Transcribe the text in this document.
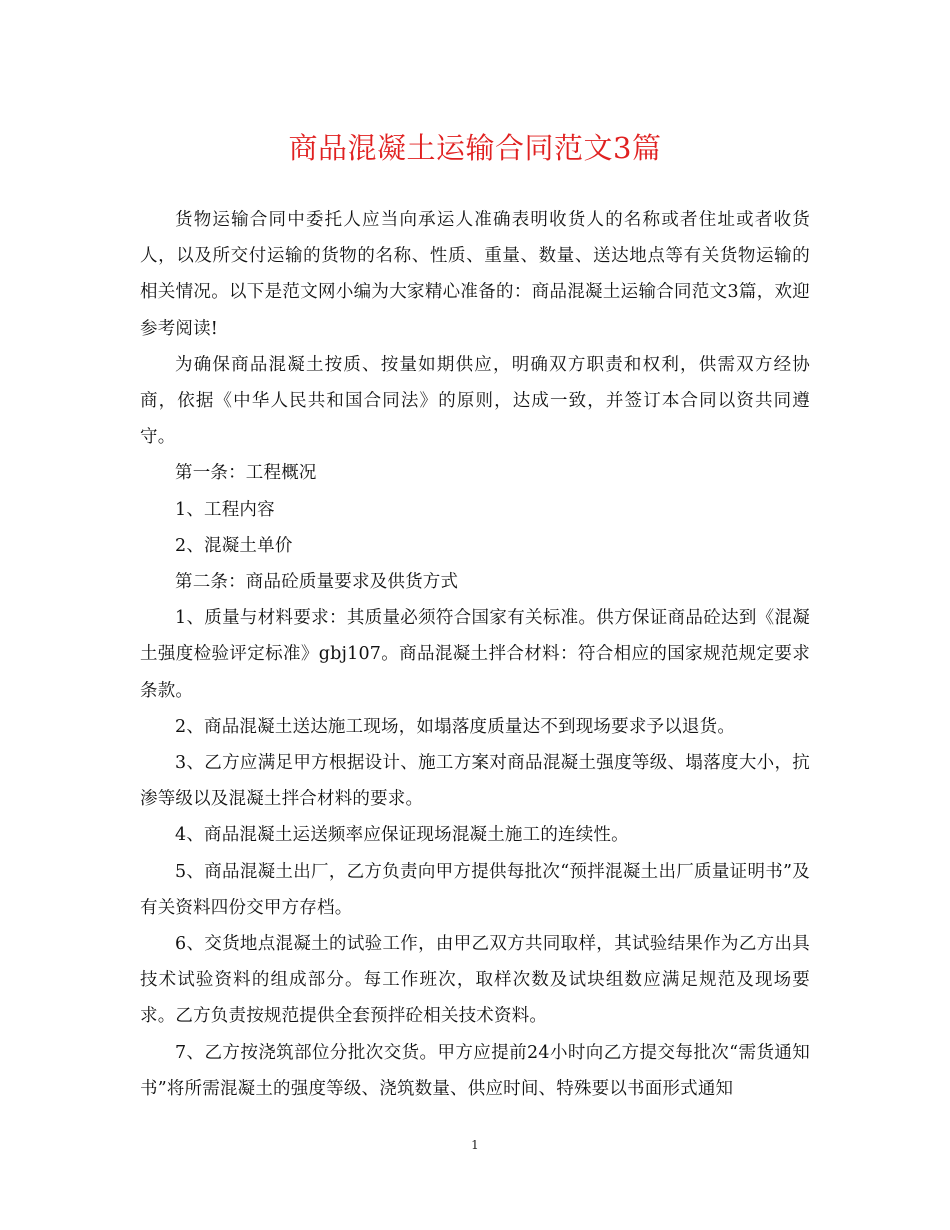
商品混凝土运输合同范文3篇

货物运输合同中委托人应当向承运人准确表明收货人的名称或者住址或者收货人，以及所交付运输的货物的名称、性质、重量、数量、送达地点等有关货物运输的相关情况。以下是范文网小编为大家精心准备的：商品混凝土运输合同范文3篇，欢迎参考阅读!

为确保商品混凝土按质、按量如期供应，明确双方职责和权利，供需双方经协商，依据《中华人民共和国合同法》的原则，达成一致，并签订本合同以资共同遵守。

第一条：工程概况

1、工程内容

2、混凝土单价

第二条：商品砼质量要求及供货方式

1、质量与材料要求：其质量必须符合国家有关标准。供方保证商品砼达到《混凝土强度检验评定标准》gbj107。商品混凝土拌合材料：符合相应的国家规范规定要求条款。

2、商品混凝土送达施工现场，如塌落度质量达不到现场要求予以退货。

3、乙方应满足甲方根据设计、施工方案对商品混凝土强度等级、塌落度大小，抗渗等级以及混凝土拌合材料的要求。

4、商品混凝土运送频率应保证现场混凝土施工的连续性。

5、商品混凝土出厂，乙方负责向甲方提供每批次“预拌混凝土出厂质量证明书”及有关资料四份交甲方存档。

6、交货地点混凝土的试验工作，由甲乙双方共同取样，其试验结果作为乙方出具技术试验资料的组成部分。每工作班次，取样次数及试块组数应满足规范及现场要求。乙方负责按规范提供全套预拌砼相关技术资料。

7、乙方按浇筑部位分批次交货。甲方应提前24小时向乙方提交每批次“需货通知书”将所需混凝土的强度等级、浇筑数量、供应时间、特殊要以书面形式通知

1
